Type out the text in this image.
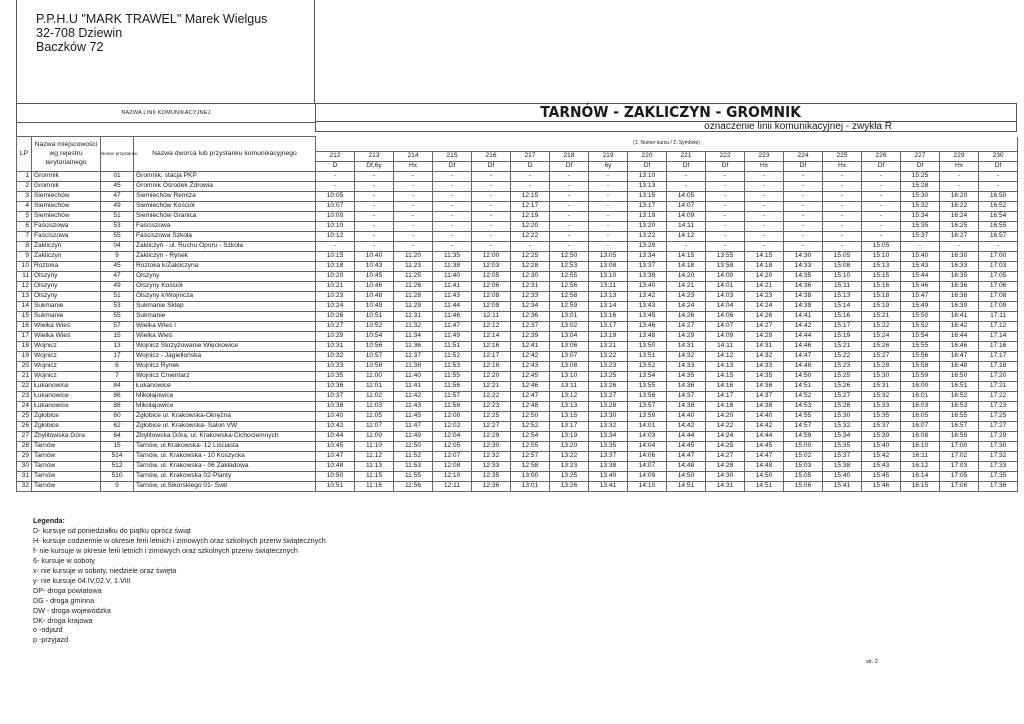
P.P.H.U "MARK TRAWEL" Marek Wielgus
32-708 Dziewin
Baczków 72
NAZWA LINII KOMUNIKACYJNEJ	TARNÓW - ZAKLICZYN - GROMNIK
oznaczenie linii komunikacyjnej - zwykła R
LP	Nazwa miejscowości wg rejestru terytorialnego	Numer przystanku	Nazwa dworca lub przystanku komunikacyjnego	(1. Numer kursu / 2. Symbole)																	
				212	213	214	215	216	217	218	219	220	221	222	223	224	225	226	227	229	230
				D	Df,6y	Hx	Df	Df	D	Df	6y	Df	Df	Df	Hx	Df	Hx	Df	Df	Hx	Df
1	Gromnik	01	Gromnik, stacja PKP	-	-	-	-	-	-	-	-	13:10	-	-	-	-	-	-	15:25	-	-
2	Gromnik	45	Gromnik Ośrodek Zdrowia	-	-	-	-	-	-	-	-	13:13	-	-	-	-	-	-	15:28	-	-
3	Siemiechów	47	Siemiechów Remiza	10:05	-	-	-	-	12:15	-	-	13:15	14:05	-	-	-	-	-	15:30	16:20	16:50
4	Siemiechów	49	Siemiechów Kościół	10:07	-	-	-	-	12:17	-	-	13:17	14:07	-	-	-	-	-	15:32	16:22	16:52
5	Siemiechów	51	Siemiechów Granica	10:09	-	-	-	-	12:19	-	-	13:19	14:09	-	-	-	-	-	15:34	16:24	16:54
6	Faściszowa	53	Faściszowa	10:10	-	-	-	-	12:20	-	-	13:20	14:11	-	-	-	-	-	15:35	16:25	16:55
7	Faściszowa	55	Faściszowa Szkoła	10:12	-	-	-	-	12:22	-	-	13:22	14:12	-	-	-	-	-	15:37	16:27	16:57
8	Zakliczyn	04	Zakliczyn - ul. Ruchu Oporu - Szkoła	-	-	-	-	-	-	-	-	13:29	-	-	-	-	-	15:05	-	-	-
9	Zakliczyn	9	Zakliczyn - Rynek	10:15	10:40	11:20	11:35	12:00	12:25	12:50	13:05	13:34	14:15	13:55	14:15	14:30	15:05	15:10	15:40	16:30	17:00
10	Roztoka	45	Roztoka k/Zakliczyna	10:18	10:43	11:23	11:38	12:03	12:28	12:53	13:08	13:37	14:18	13:58	14:18	14:33	15:08	15:13	15:43	16:33	17:03
11	Olszyny	47	Olszyny	10:20	10:45	11:25	11:40	12:05	12:30	12:55	13:10	13:39	14:20	14:00	14:20	14:35	15:10	15:15	15:44	16:35	17:05
12	Olszyny	49	Olszyny Kościół	10:21	10:46	11:26	11:41	12:06	12:31	12:56	13:11	13:40	14:21	14:01	14:21	14:36	15:11	15:16	15:46	16:36	17:06
13	Olszyny	51	Olszyny k/Wojnicza	10:23	10:48	11:28	11:43	12:08	12:33	12:58	13:13	13:42	14:23	14:03	14:23	14:38	15:13	15:18	15:47	16:38	17:08
14	Sukmanie	53	Sukmanie Sklep	10:24	10:49	11:29	11:44	12:09	12:34	12:59	13:14	13:43	14:24	14:04	14:24	14:39	15:14	15:19	15:49	16:39	17:09
15	Sukmanie	55	Sukmanie	10:26	10:51	11:31	11:46	12:11	12:36	13:01	13:16	13:45	14:26	14:06	14:26	14:41	15:16	15:21	15:50	16:41	17:11
16	Wielka Wieś	57	Wielka Wieś I	10:27	10:52	11:32	11:47	12:12	12:37	13:02	13:17	13:46	14:27	14:07	14:27	14:42	15:17	15:22	15:52	16:42	17:12
17	Wielka Wieś	15	Wielka Wieś	10:29	10:54	11:34	11:49	12:14	12:39	13:04	13:19	13:48	14:29	14:09	14:29	14:44	15:19	15:24	15:54	16:44	17:14
18	Wojnicz	13	Wojnicz Skrzyżowanie Więckowice	10:31	10:56	11:36	11:51	12:16	12:41	13:06	13:21	13:50	14:31	14:11	14:31	14:46	15:21	15:26	15:55	16:46	17:16
19	Wojnicz	17	Wojnicz - Jagiellońska	10:32	10:57	11:37	11:52	12:17	12:42	13:07	13:22	13:51	14:32	14:12	14:32	14:47	15:22	15:27	15:56	16:47	17:17
20	Wojnicz	6	Wojnicz Rynek	10:33	10:58	11:38	11:53	12:18	12:43	13:08	13:23	13:52	14:33	14:13	14:33	14:48	15:23	15:28	15:58	16:48	17:18
21	Wojnicz	7	Wojnicz Cmentarz	10:35	11:00	11:40	11:55	12:20	12:45	13:10	13:25	13:54	14:35	14:15	14:35	14:50	15:25	15:30	15:59	16:50	17:20
22	Łukanowice	84	Łukanowice	10:36	11:01	11:41	11:56	12:21	12:46	13:11	13:26	13:55	14:36	14:16	14:36	14:51	15:26	15:31	16:00	16:51	17:21
23	Łukanowice	86	Mikołajowice	10:37	11:02	11:42	11:57	12:22	12:47	13:12	13:27	13:56	14:37	14:17	14:37	14:52	15:27	15:32	16:01	16:52	17:22
24	Łukanowice	88	Mikołajowice	10:38	11:03	11:43	11:58	12:23	12:48	13:13	13:28	13:57	14:38	14:18	14:38	14:53	15:28	15:33	16:03	16:53	17:23
25	Zgłobice	60	Zgłobice ul. Krakowska-Okrężna	10:40	11:05	11:45	12:00	12:25	12:50	13:15	13:30	13:59	14:40	14:20	14:40	14:55	15:30	15:35	16:05	16:55	17:25
26	Zgłobice	62	Zgłobice ul. Krakowska- Salon VW	10:42	11:07	11:47	12:02	12:27	12:52	13:17	13:32	14:01	14:42	14:22	14:42	14:57	15:32	15:37	16:07	16:57	17:27
27	Zbylitowska Góra	64	Zbylitowska Góra, ul. Krakowska-Cichociemnych	10:44	11:09	11:49	12:04	12:29	12:54	13:19	13:34	14:03	14:44	14:24	14:44	14:59	15:34	15:39	16:08	16:59	17:29
28	Tarnów	15	Tarnów, ul.Krakowska- 12 Liściasta	10:45	11:10	11:50	12:05	12:30	12:55	13:20	13:35	14:04	14:45	14:25	14:45	15:00	15:35	15:40	16:10	17:00	17:30
29	Tarnów	514	Tarnów, ul. Krakowska - 10 Koszycka	10:47	11:12	11:52	12:07	12:32	12:57	13:22	13:37	14:06	14:47	14:27	14:47	15:02	15:37	15:42	16:11	17:02	17:32
30	Tarnów	512	Tarnów, ul. Krakowska - 06 Zakładowa	10:48	11:13	11:53	12:08	12:33	12:58	13:23	13:38	14:07	14:48	14:28	14:48	15:03	15:38	15:43	16:12	17:03	17:33
31	Tarnów	510	Tarnów, ul. Krakowska 02-Planty	10:50	11:15	11:55	12:10	12:35	13:00	13:25	13:40	14:09	14:50	14:30	14:50	15:05	15:40	15:45	16:14	17:05	17:35
32	Tarnów	9	Tarnów, ul.Sikorskiego 01- Świt	10:51	11:16	11:56	12:11	12:36	13:01	13:26	13:41	14:10	14:51	14:31	14:51	15:06	15:41	15:46	16:15	17:06	17:36
Legenda:
D- kursuje od poniedziałku do piątku oprócz świąt
H- kursuje codziennie w okresie ferii letnich i zimowych oraz szkolnych przerw świątecznych
f- nie kursuje w okresie ferii letnich i zimowych oraz szkolnych przerw świątecznych
6- kursuje w soboty
x- nie kursuje w soboty, niedziele oraz święta
y- nie kursuje 04.IV,02.V, 1.VIII
DP- droga powiatowa
DG - droga gminna
DW - droga wojewódzka
DK- droga krajowa
o -odjazd
p -przyjazd
str. 2
